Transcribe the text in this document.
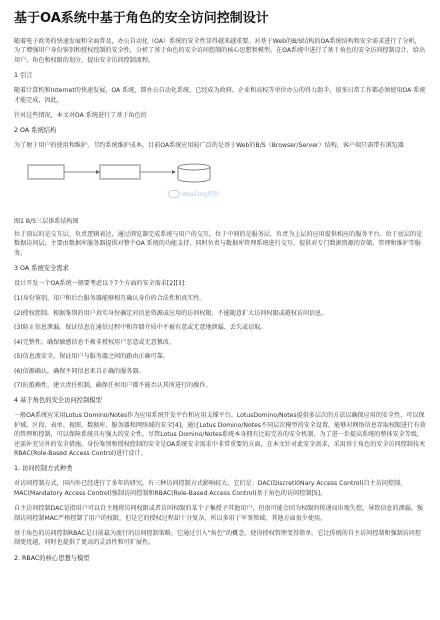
基于OA系统中基于角色的安全访问控制设计

随着电子政务的快速发展和全面普及，办公自动化（OA）系统的安全性显得越来越重要。对基于Web的B/S结构的OA系统结构和安全需求进行了分析，为了增强用户身份鉴别和授权控制的安全性，分析了基于角色的安全访问控制的核心思想和模型。在OA系统中进行了基于角色的安全访问控制设计，给出用户、角色和权限的划分，提出安全访问控制流程。

1 引言

随着计算机和Internet的快速发展，OA 系统，即办公自动化系统，已经成为政府、企业和高校等单位办公的得力助手，很多日常工作都必须使用OA 系统才能完成，因此，

针对这些情况，本文对OA 系统进行了基于角色的

2 OA 系统结构

为了便于用户的使用和维护，节约系统维护成本，目前OA系统应用较广泛的是基于Web的B/S（Browser/Server）结构，客户端只需带有浏览器

WeeDog教程
图1 B/S三层体系结构图

位于顶层的是交互层，负责逻辑表达，通过浏览器完成系统与用户的交互。位于中间的是服务层，负责为上层的应用提供相应的服务平台。位于底层的是数据访问层，主要由数据库服务器提供对整个OA 系统的功能支持，同时负责与数据库管理系统进行交互，提供对专门数据资源的存储、管理和维护等服务。

3 OA 系统安全需求

设计开发一个OA系统一般要考虑以下7个方面的安全需求[2][3]：

(1)身份鉴别。用户和后台服务器能够相互确认身份的合法性和真实性。
(2)授权控制。根据鉴别的用户真实身份确定对信息资源或应用的访问权限，不能随意扩大访问权限或越权访问信息。
(3)防止信息泄漏。保证信息在通信过程中和存储介质中不被有意或无意地泄漏、丢失或窃取。
(4)完整性。确保敏感信息不被非授权用户恶意或无意篡改。
(5)信息流安全。保证用户与服务器之间的路由正确可靠。
(6)信源确认。确保不同信息来自正确的服务器。
(7)抗抵赖性。建立责任机制，确保任何用户都不能否认其所进行的操作。
4 基于角色的安全访问控制模型

一般OA系统应采用Lotus Domino/Notes作为应用系统开发平台和应用支撑平台。LotusDomino/Notes提供多层次的方法以确保应用的安全性，可以保护域、区段、表单、视图、数据库、服务器和网络域的安全[4]。通过Lotus Domino/Notes不同层次模型的安全设置，能够对网络信息存取权限进行有效的管理和控制，可以保障系统具有强大的安全性。尽管Lotus Domino/Notes系统本身拥有比较完善的安全机制，为了进一步提高系统的整体安全等级，还需补充另外的安全措施。身份鉴别和授权控制的安全是OA系统安全需求中非常重要的方面，在本文针对此安全需求，采用基于角色的安全访问控制技术RBAC(Role-Based Access Control)进行设计。

1. 访问控制方式种类

对访问控制方式，国内外已经进行了多年的研究。有三种访问控制方式影响较大，它们是：DAC(Discreti0Nary Access Control)自主访问控制，MAC(Mandatory Access Control)强制访问控制和RBAC(Role-Based Access Control)基于角色的访问控制[5]。

自主访问控制DAC是指用户可以自主地将访问权限或者访问权限的某个子集授予其他用户，但很可能会因为权限的传递而出现失控，导致信息的泄漏。强制访问控制MAC严格控制了用户的权限，但是它的授权过程却十分复杂，所以多用于军事领域，其他方面很少使用。

基于角色的访问控制RBAC是目前最为流行的访问控制策略。它通过引入“角色”的概念，使得授权管理变得简单。它比传统的自主访问控制和强制访问控制更优越，同时也提供了更高的灵活性和可扩展性。

2. RBAC的核心思想与模型
